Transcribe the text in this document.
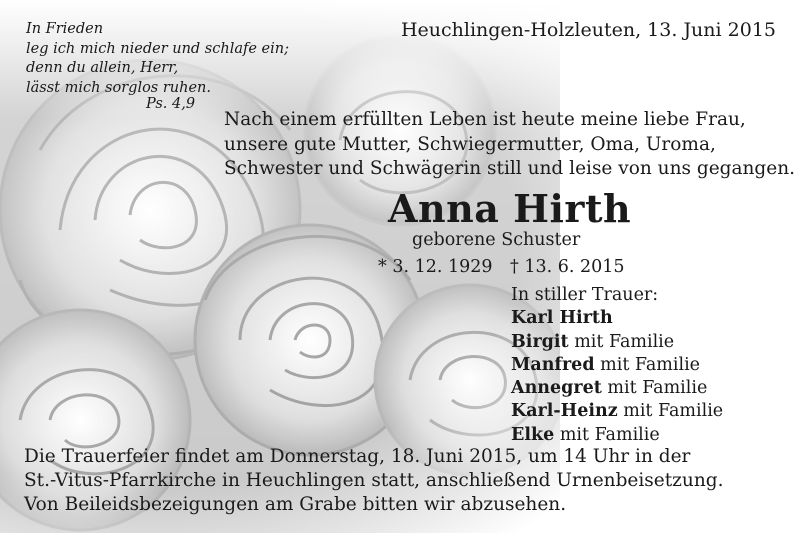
In Frieden
leg ich mich nieder und schlafe ein;
denn du allein, Herr,
lässt mich sorglos ruhen.
Ps. 4,9
Heuchlingen-Holzleuten, 13. Juni 2015
Nach einem erfüllten Leben ist heute meine liebe Frau,
unsere gute Mutter, Schwiegermutter, Oma, Uroma,
Schwester und Schwägerin still und leise von uns gegangen.
Anna Hirth
geborene Schuster
* 3. 12. 1929 † 13. 6. 2015
In stiller Trauer:
Karl Hirth
Birgit mit Familie
Manfred mit Familie
Annegret mit Familie
Karl-Heinz mit Familie
Elke mit Familie
Die Trauerfeier findet am Donnerstag, 18. Juni 2015, um 14 Uhr in der
St.-Vitus-Pfarrkirche in Heuchlingen statt, anschließend Urnenbeisetzung.
Von Beileidsbezeigungen am Grabe bitten wir abzusehen.
